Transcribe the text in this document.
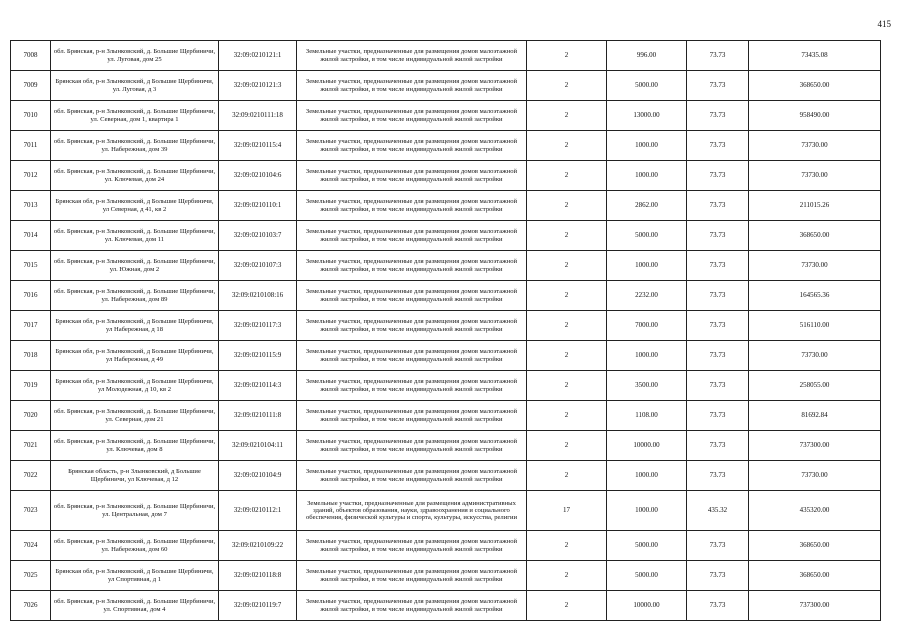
415
7008	обл. Брянская, р-н Злынковский, д. Большие Щербиничи, ул. Луговая, дом 25	32:09:0210121:1	Земельные участки, предназначенные для размещения домов малоэтажной жилой застройки, в том числе индивидуальной жилой застройки	2	996.00	73.73	73435.08
7009	Брянская обл, р-н Злынковский, д Большие Щербиничи, ул. Луговая, д 3	32:09:0210121:3	Земельные участки, предназначенные для размещения домов малоэтажной жилой застройки, в том числе индивидуальной жилой застройки	2	5000.00	73.73	368650.00
7010	обл. Брянская, р-н Злынковский, д. Большие Щербиничи, ул. Северная, дом 1, квартира 1	32:09:0210111:18	Земельные участки, предназначенные для размещения домов малоэтажной жилой застройки, в том числе индивидуальной жилой застройки	2	13000.00	73.73	958490.00
7011	обл. Брянская, р-н Злынковский, д. Большие Щербиничи, ул. Набережная, дом 39	32:09:0210115:4	Земельные участки, предназначенные для размещения домов малоэтажной жилой застройки, в том числе индивидуальной жилой застройки	2	1000.00	73.73	73730.00
7012	обл. Брянская, р-н Злынковский, д. Большие Щербиничи, ул. Ключевая, дом 24	32:09:0210104:6	Земельные участки, предназначенные для размещения домов малоэтажной жилой застройки, в том числе индивидуальной жилой застройки	2	1000.00	73.73	73730.00
7013	Брянская обл, р-н Злынковский, д Большие Щербиничи, ул Северная, д 41, кв 2	32:09:0210110:1	Земельные участки, предназначенные для размещения домов малоэтажной жилой застройки, в том числе индивидуальной жилой застройки	2	2862.00	73.73	211015.26
7014	обл. Брянская, р-н Злынковский, д. Большие Щербиничи, ул. Ключевая, дом 11	32:09:0210103:7	Земельные участки, предназначенные для размещения домов малоэтажной жилой застройки, в том числе индивидуальной жилой застройки	2	5000.00	73.73	368650.00
7015	обл. Брянская, р-н Злынковский, д. Большие Щербиничи, ул. Южная, дом 2	32:09:0210107:3	Земельные участки, предназначенные для размещения домов малоэтажной жилой застройки, в том числе индивидуальной жилой застройки	2	1000.00	73.73	73730.00
7016	обл. Брянская, р-н Злынковский, д. Большие Щербиничи, ул. Набережная, дом 89	32:09:0210108:16	Земельные участки, предназначенные для размещения домов малоэтажной жилой застройки, в том числе индивидуальной жилой застройки	2	2232.00	73.73	164565.36
7017	Брянская обл, р-н Злынковский, д Большие Щербиничи, ул Набережная, д 18	32:09:0210117:3	Земельные участки, предназначенные для размещения домов малоэтажной жилой застройки, в том числе индивидуальной жилой застройки	2	7000.00	73.73	516110.00
7018	Брянская обл, р-н Злынковский, д Большие Щербиничи, ул Набережная, д 49	32:09:0210115:9	Земельные участки, предназначенные для размещения домов малоэтажной жилой застройки, в том числе индивидуальной жилой застройки	2	1000.00	73.73	73730.00
7019	Брянская обл, р-н Злынковский, д Большие Щербиничи, ул Молодежная, д 10, кв 2	32:09:0210114:3	Земельные участки, предназначенные для размещения домов малоэтажной жилой застройки, в том числе индивидуальной жилой застройки	2	3500.00	73.73	258055.00
7020	обл. Брянская, р-н Злынковский, д. Большие Щербиничи, ул. Северная, дом 21	32:09:0210111:8	Земельные участки, предназначенные для размещения домов малоэтажной жилой застройки, в том числе индивидуальной жилой застройки	2	1108.00	73.73	81692.84
7021	обл. Брянская, р-н Злынковский, д. Большие Щербиничи, ул. Ключевая, дом 8	32:09:0210104:11	Земельные участки, предназначенные для размещения домов малоэтажной жилой застройки, в том числе индивидуальной жилой застройки	2	10000.00	73.73	737300.00
7022	Брянская область, р-н Злынковский, д Большие Щербиничи, ул Ключевая, д 12	32:09:0210104:9	Земельные участки, предназначенные для размещения домов малоэтажной жилой застройки, в том числе индивидуальной жилой застройки	2	1000.00	73.73	73730.00
7023	обл. Брянская, р-н Злынковский, д. Большие Щербиничи, ул. Центральная, дом 7	32:09:0210112:1	Земельные участки, предназначенные для размещения административных зданий, объектов образования, науки, здравоохранения и социального обеспечения, физической культуры и спорта, культуры, искусства, религии	17	1000.00	435.32	435320.00
7024	обл. Брянская, р-н Злынковский, д. Большие Щербиничи, ул. Набережная, дом 60	32:09:0210109:22	Земельные участки, предназначенные для размещения домов малоэтажной жилой застройки, в том числе индивидуальной жилой застройки	2	5000.00	73.73	368650.00
7025	Брянская обл, р-н Злынковский, д Большие Щербиничи, ул Спортивная, д 1	32:09:0210118:8	Земельные участки, предназначенные для размещения домов малоэтажной жилой застройки, в том числе индивидуальной жилой застройки	2	5000.00	73.73	368650.00
7026	обл. Брянская, р-н Злынковский, д. Большие Щербиничи, ул. Спортивная, дом 4	32:09:0210119:7	Земельные участки, предназначенные для размещения домов малоэтажной жилой застройки, в том числе индивидуальной жилой застройки	2	10000.00	73.73	737300.00
